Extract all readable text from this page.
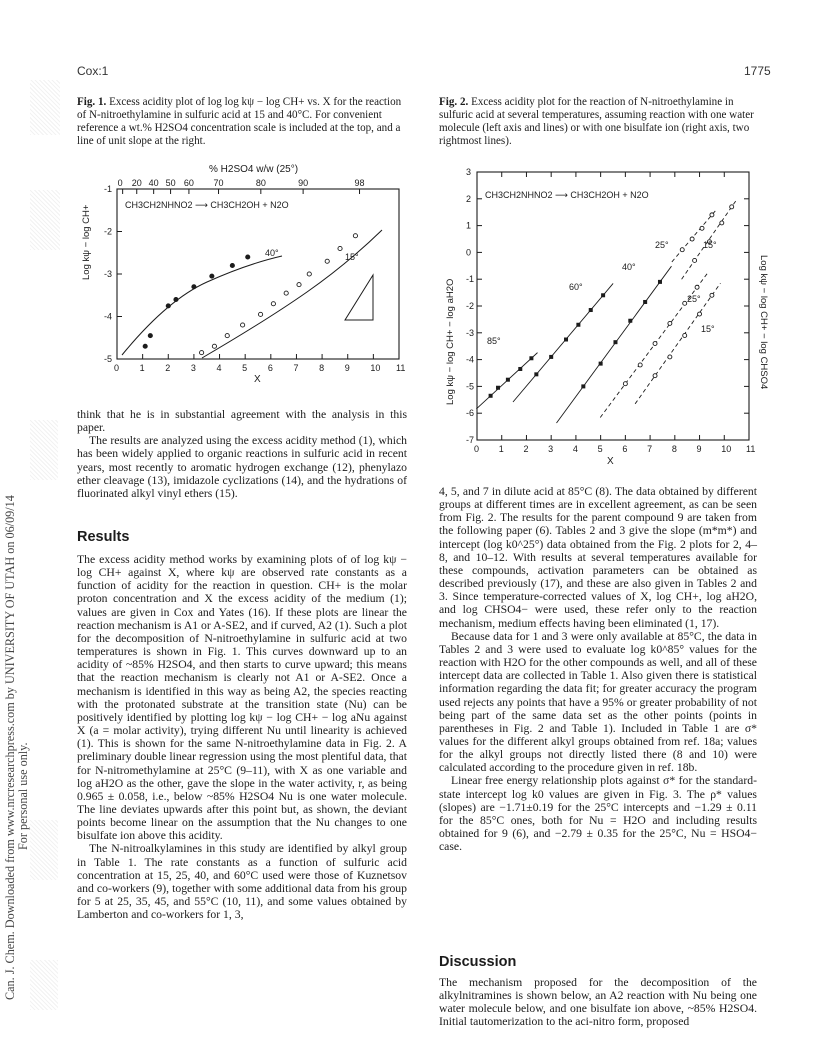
Can. J. Chem. Downloaded from www.nrcresearchpress.com by UNIVERSITY OF UTAH on 06/09/14 For personal use only.
Cox:1	1775
Fig. 1. Excess acidity plot of log log kψ − log CH+ vs. X for the reaction of N-nitroethylamine in sulfuric acid at 15 and 40°C. For convenient reference a wt.% H2SO4 concentration scale is included at the top, and a line of unit slope at the right.
% H2SO4 w/w (25°)
0 20 40 50 60 70	80	90	98
0 1 2 3 4 5 6 7 8 9 10 11
-1
-2
-3
-4
-5
CH3CH2NHNO2 ⟶ CH3CH2OH + N2O
Log kψ − log CH+
X
40°	15°

think that he is in substantial agreement with the analysis in this paper.

The results are analyzed using the excess acidity method (1), which has been widely applied to organic reactions in sulfuric acid in recent years, most recently to aromatic hydrogen exchange (12), phenylazo ether cleavage (13), imidazole cyclizations (14), and the hydrations of fluorinated alkyl vinyl ethers (15).

Results

The excess acidity method works by examining plots of of log kψ − log CH+ against X, where kψ are observed rate constants as a function of acidity for the reaction in question. CH+ is the molar proton concentration and X the excess acidity of the medium (1); values are given in Cox and Yates (16). If these plots are linear the reaction mechanism is A1 or A-SE2, and if curved, A2 (1). Such a plot for the decomposition of N-nitroethylamine in sulfuric acid at two temperatures is shown in Fig. 1. This curves downward up to an acidity of ~85% H2SO4, and then starts to curve upward; this means that the reaction mechanism is clearly not A1 or A-SE2. Once a mechanism is identified in this way as being A2, the species reacting with the protonated substrate at the transition state (Nu) can be positively identified by plotting log kψ − log CH+ − log aNu against X (a = molar activity), trying different Nu until linearity is achieved (1). This is shown for the same N-nitroethylamine data in Fig. 2. A preliminary double linear regression using the most plentiful data, that for N-nitromethylamine at 25°C (9–11), with X as one variable and log aH2O as the other, gave the slope in the water activity, r, as being 0.965 ± 0.058, i.e., below ~85% H2SO4 Nu is one water molecule. The line deviates upwards after this point but, as shown, the deviant points become linear on the assumption that the Nu changes to one bisulfate ion above this acidity.

The N-nitroalkylamines in this study are identified by alkyl group in Table 1. The rate constants as a function of sulfuric acid concentration at 15, 25, 40, and 60°C used were those of Kuznetsov and co-workers (9), together with some additional data from his group for 5 at 25, 35, 45, and 55°C (10, 11), and some values obtained by Lamberton and co-workers for 1, 3,

Fig. 2. Excess acidity plot for the reaction of N-nitroethylamine in sulfuric acid at several temperatures, assuming reaction with one water molecule (left axis and lines) or with one bisulfate ion (right axis, two rightmost lines).
0 1 2 3 4 5 6 7 8 9 10 11
3
2
1
0
-1
-2
-3
-4
-5
-6
-7
CH3CH2NHNO2 ⟶ CH3CH2OH + N2O
Log kψ − log CH+ − log aH2O	Log kψ − log CH+ − log CHSO4
X
85°
60°
40°
25°	15°
25°
15°

4, 5, and 7 in dilute acid at 85°C (8). The data obtained by different groups at different times are in excellent agreement, as can be seen from Fig. 2. The results for the parent compound 9 are taken from the following paper (6). Tables 2 and 3 give the slope (m*m*) and intercept (log k0^25°) data obtained from the Fig. 2 plots for 2, 4–8, and 10–12. With results at several temperatures available for these compounds, activation parameters can be obtained as described previously (17), and these are also given in Tables 2 and 3. Since temperature-corrected values of X, log CH+, log aH2O, and log CHSO4− were used, these refer only to the reaction mechanism, medium effects having been eliminated (1, 17).

Because data for 1 and 3 were only available at 85°C, the data in Tables 2 and 3 were used to evaluate log k0^85° values for the reaction with H2O for the other compounds as well, and all of these intercept data are collected in Table 1. Also given there is statistical information regarding the data fit; for greater accuracy the program used rejects any points that have a 95% or greater probability of not being part of the same data set as the other points (points in parentheses in Fig. 2 and Table 1). Included in Table 1 are σ* values for the different alkyl groups obtained from ref. 18a; values for the alkyl groups not directly listed there (8 and 10) were calculated according to the procedure given in ref. 18b.

Linear free energy relationship plots against σ* for the standard-state intercept log k0 values are given in Fig. 3. The ρ* values (slopes) are −1.71±0.19 for the 25°C intercepts and −1.29 ± 0.11 for the 85°C ones, both for Nu = H2O and including results obtained for 9 (6), and −2.79 ± 0.35 for the 25°C, Nu = HSO4− case.

Discussion

The mechanism proposed for the decomposition of the alkylnitramines is shown below, an A2 reaction with Nu being one water molecule below, and one bisulfate ion above, ~85% H2SO4. Initial tautomerization to the aci-nitro form, proposed
